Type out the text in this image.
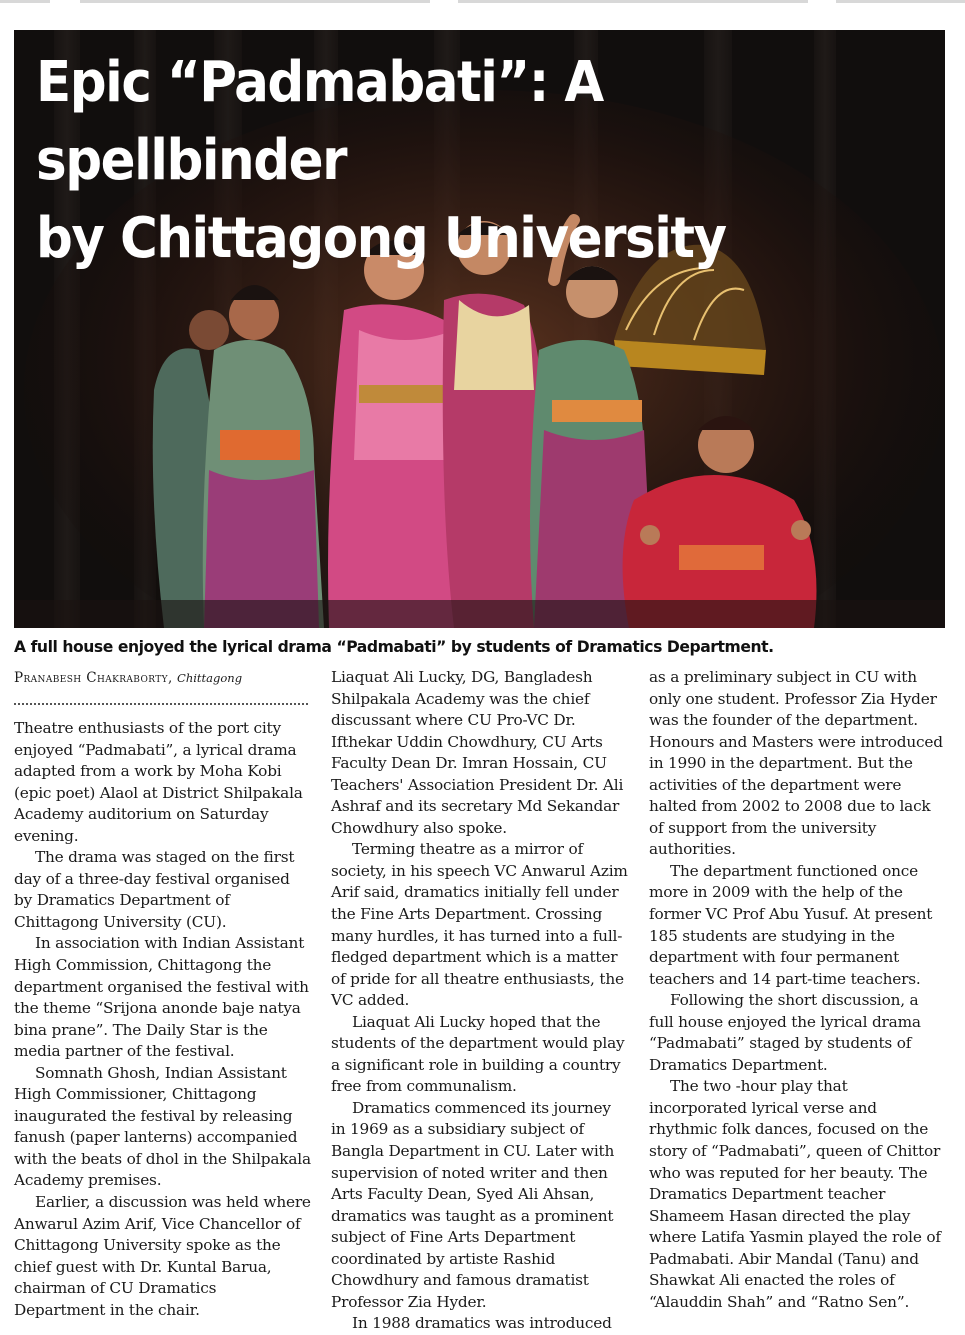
Epic “Padmabati”: A spellbinder
by Chittagong University

A full house enjoyed the lyrical drama “Padmabati” by students of Dramatics Department.

Pranabesh Chakraborty, Chittagong

Theatre enthusiasts of the port city enjoyed “Padmabati”, a lyrical drama adapted from a work by Moha Kobi (epic poet) Alaol at District Shilpakala Academy auditorium on Saturday evening.

The drama was staged on the first day of a three-day festival organised by Dramatics Department of Chittagong University (CU).

In association with Indian Assistant High Commission, Chittagong the department organised the festival with the theme “Srijona anonde baje natya bina prane”. The Daily Star is the media partner of the festival.

Somnath Ghosh, Indian Assistant High Commissioner, Chittagong inaugurated the festival by releasing fanush (paper lanterns) accompanied with the beats of dhol in the Shilpakala Academy premises.

Earlier, a discussion was held where Anwarul Azim Arif, Vice Chancellor of Chittagong University spoke as the chief guest with Dr. Kuntal Barua, chairman of CU Dramatics Department in the chair.

Liaquat Ali Lucky, DG, Bangladesh Shilpakala Academy was the chief discussant where CU Pro-VC Dr. Ifthekar Uddin Chowdhury, CU Arts Faculty Dean Dr. Imran Hossain, CU Teachers' Association President Dr. Ali Ashraf and its secretary Md Sekandar Chowdhury also spoke.

Terming theatre as a mirror of society, in his speech VC Anwarul Azim Arif said, dramatics initially fell under the Fine Arts Department. Crossing many hurdles, it has turned into a full-fledged department which is a matter of pride for all theatre enthusiasts, the VC added.

Liaquat Ali Lucky hoped that the students of the department would play a significant role in building a country free from communalism.

Dramatics commenced its journey in 1969 as a subsidiary subject of Bangla Department in CU. Later with supervision of noted writer and then Arts Faculty Dean, Syed Ali Ahsan, dramatics was taught as a prominent subject of Fine Arts Department coordinated by artiste Rashid Chowdhury and famous dramatist Professor Zia Hyder.

In 1988 dramatics was introduced

as a preliminary subject in CU with only one student. Professor Zia Hyder was the founder of the department. Honours and Masters were introduced in 1990 in the department. But the activities of the department were halted from 2002 to 2008 due to lack of support from the university authorities.

The department functioned once more in 2009 with the help of the former VC Prof Abu Yusuf. At present 185 students are studying in the department with four permanent teachers and 14 part-time teachers.

Following the short discussion, a full house enjoyed the lyrical drama “Padmabati” staged by students of Dramatics Department.

The two -hour play that incorporated lyrical verse and rhythmic folk dances, focused on the story of “Padmabati”, queen of Chittor who was reputed for her beauty. The Dramatics Department teacher Shameem Hasan directed the play where Latifa Yasmin played the role of Padmabati. Abir Mandal (Tanu) and Shawkat Ali enacted the roles of “Alauddin Shah” and “Ratno Sen”.
